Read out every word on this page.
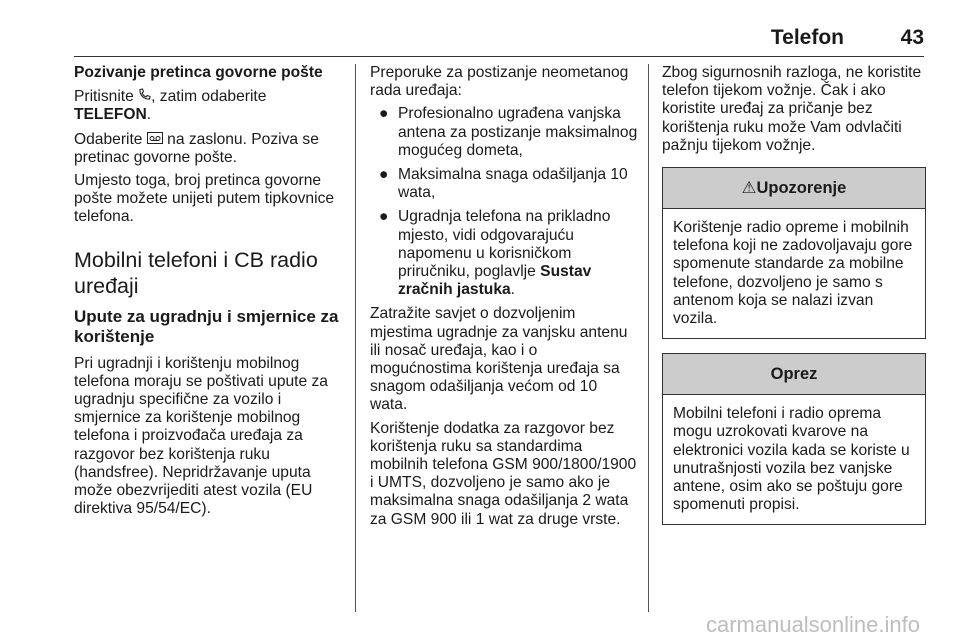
Telefon	43

Pozivanje pretinca govorne pošte

Pritisnite , zatim odaberite TELEFON.

Odaberite na zaslonu. Poziva se pretinac govorne pošte.

Umjesto toga, broj pretinca govorne pošte možete unijeti putem tipkovnice telefona.

Mobilni telefoni i CB radio uređaji
Upute za ugradnju i smjernice za korištenje

Pri ugradnji i korištenju mobilnog telefona moraju se poštivati upute za ugradnju specifične za vozilo i smjernice za korištenje mobilnog telefona i proizvođača uređaja za razgovor bez korištenja ruku (handsfree). Nepridržavanje uputa može obezvrijediti atest vozila (EU direktiva 95/54/EC).

Preporuke za postizanje neometanog rada uređaja:

● Profesionalno ugrađena vanjska antena za postizanje maksimalnog mogućeg dometa,
● Maksimalna snaga odašiljanja 10 wata,
● Ugradnja telefona na prikladno mjesto, vidi odgovarajuću napomenu u korisničkom priručniku, poglavlje Sustav zračnih jastuka.

Zatražite savjet o dozvoljenim mjestima ugradnje za vanjsku antenu ili nosač uređaja, kao i o mogućnostima korištenja uređaja sa snagom odašiljanja većom od 10 wata.

Korištenje dodatka za razgovor bez korištenja ruku sa standardima mobilnih telefona GSM 900/1800/1900 i UMTS, dozvoljeno je samo ako je maksimalna snaga odašiljanja 2 wata za GSM 900 ili 1 wat za druge vrste.

Zbog sigurnosnih razloga, ne koristite telefon tijekom vožnje. Čak i ako koristite uređaj za pričanje bez korištenja ruku može Vam odvlačiti pažnju tijekom vožnje.

⚠Upozorenje

Korištenje radio opreme i mobilnih telefona koji ne zadovoljavaju gore spomenute standarde za mobilne telefone, dozvoljeno je samo s antenom koja se nalazi izvan vozila.

Oprez

Mobilni telefoni i radio oprema mogu uzrokovati kvarove na elektronici vozila kada se koriste u unutrašnjosti vozila bez vanjske antene, osim ako se poštuju gore spomenuti propisi.

carmanualsonline.info
